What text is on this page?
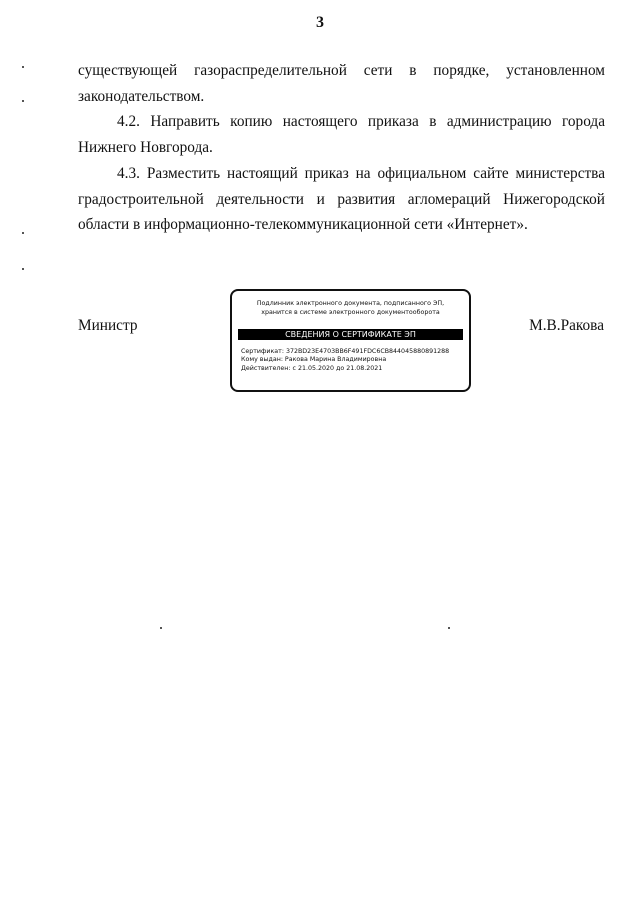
3

существующей газораспределительной сети в порядке, установленном законодательством.

4.2. Направить копию настоящего приказа в администрацию города Нижнего Новгорода.

4.3. Разместить настоящий приказ на официальном сайте министерства градостроительной деятельности и развития агломераций Нижегородской области в информационно-телекоммуникационной сети «Интернет».

Министр	М.В.Ракова
Подлинник электронного документа, подписанного ЭП,
хранится в системе электронного документооборота
СВЕДЕНИЯ О СЕРТИФИКАТЕ ЭП
Сертификат: 372BD23E4703BB6F491FDC6CB844045880891288
Кому выдан: Ракова Марина Владимировна
Действителен: с 21.05.2020 до 21.08.2021
